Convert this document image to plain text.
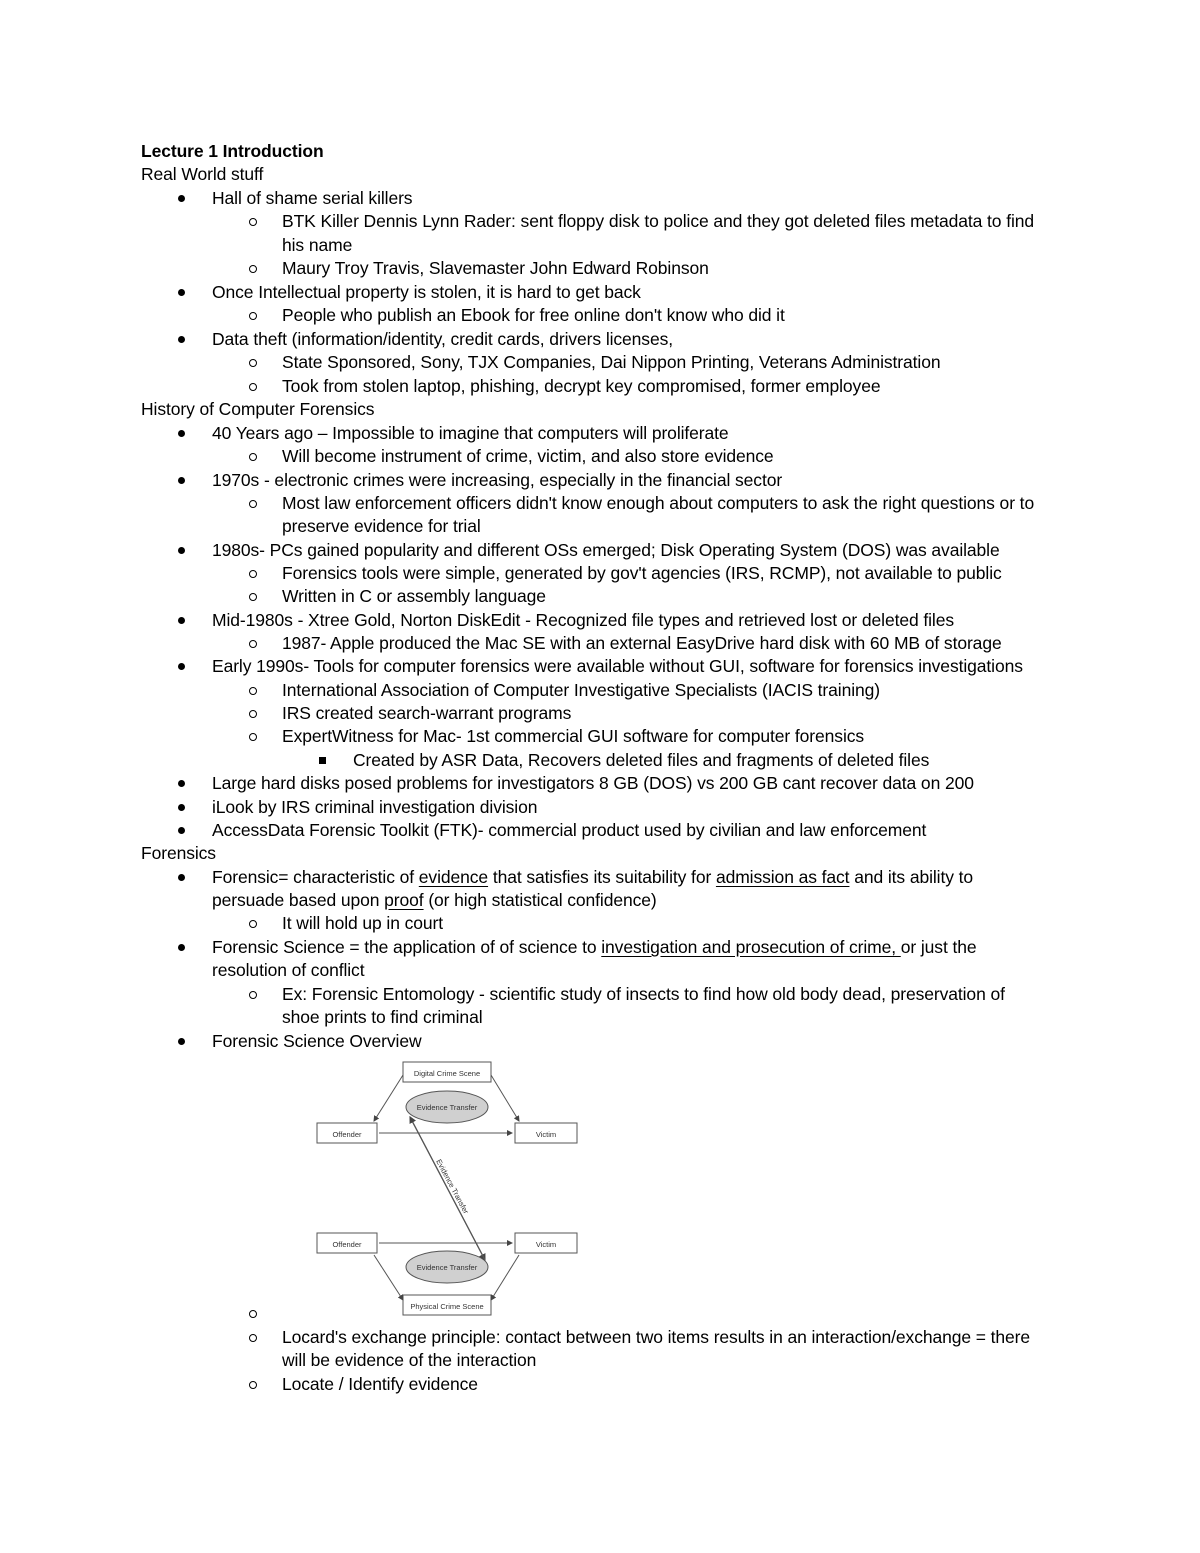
Lecture 1 Introduction
Real World stuff
Hall of shame serial killers
BTK Killer Dennis Lynn Rader: sent floppy disk to police and they got deleted files metadata to find
his name
Maury Troy Travis, Slavemaster John Edward Robinson
Once Intellectual property is stolen, it is hard to get back
People who publish an Ebook for free online don't know who did it
Data theft (information/identity, credit cards, drivers licenses,
State Sponsored, Sony, TJX Companies, Dai Nippon Printing, Veterans Administration
Took from stolen laptop, phishing, decrypt key compromised, former employee
History of Computer Forensics
40 Years ago – Impossible to imagine that computers will proliferate
Will become instrument of crime, victim, and also store evidence
1970s - electronic crimes were increasing, especially in the financial sector
Most law enforcement officers didn't know enough about computers to ask the right questions or to
preserve evidence for trial
1980s- PCs gained popularity and different OSs emerged; Disk Operating System (DOS) was available
Forensics tools were simple, generated by gov't agencies (IRS, RCMP), not available to public
Written in C or assembly language
Mid-1980s - Xtree Gold, Norton DiskEdit - Recognized file types and retrieved lost or deleted files
1987- Apple produced the Mac SE with an external EasyDrive hard disk with 60 MB of storage
Early 1990s- Tools for computer forensics were available without GUI, software for forensics investigations
International Association of Computer Investigative Specialists (IACIS training)
IRS created search-warrant programs
ExpertWitness for Mac- 1st commercial GUI software for computer forensics
Created by ASR Data, Recovers deleted files and fragments of deleted files
Large hard disks posed problems for investigators 8 GB (DOS) vs 200 GB cant recover data on 200
iLook by IRS criminal investigation division
AccessData Forensic Toolkit (FTK)- commercial product used by civilian and law enforcement
Forensics
Forensic= characteristic of evidence that satisfies its suitability for admission as fact and its ability to
persuade based upon proof (or high statistical confidence)
It will hold up in court
Forensic Science = the application of of science to investigation and prosecution of crime, or just the
resolution of conflict
Ex: Forensic Entomology - scientific study of insects to find how old body dead, preservation of
shoe prints to find criminal
Forensic Science Overview
Digital Crime Scene
Evidence Transfer
Offender	Victim
Offender	Victim
Evidence Transfer
Physical Crime Scene
Evidence Transfer
Locard's exchange principle: contact between two items results in an interaction/exchange = there
will be evidence of the interaction
Locate / Identify evidence
